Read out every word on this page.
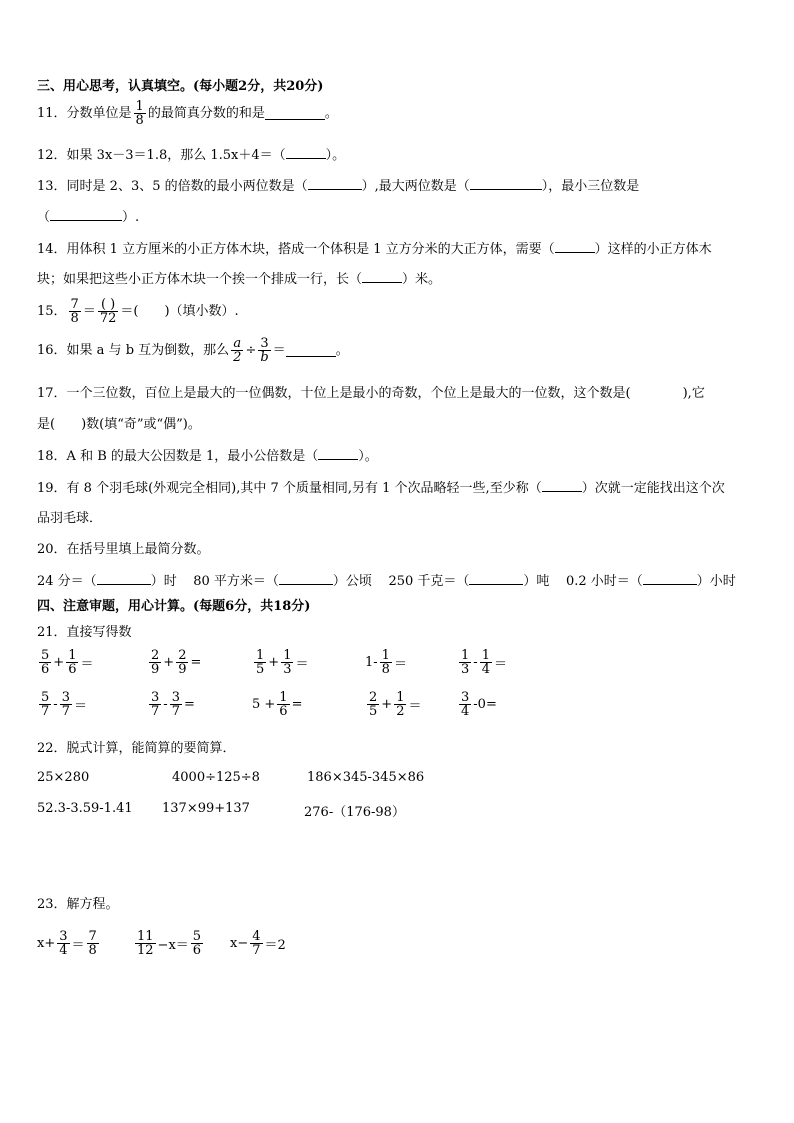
三、用心思考，认真填空。(每小题2分，共20分)
11．分数单位是 $\frac{1}{8}$ 的最简真分数的和是	。
12．如果 3x－3＝1.8，那么 1.5x＋4＝（	）。
13．同时是 2、3、5 的倍数的最小两位数是（	）,最大两位数是（	），最小三位数是
（	）.
14．用体积 1 立方厘米的小正方体木块，搭成一个体积是 1 立方分米的大正方体，需要（	）这样的小正方体木
块；如果把这些小正方体木块一个挨一个排成一行，长（	）米。
15． $\frac{7}{8} = \frac{( )}{72}$ ＝(　　)（填小数）.
16．如果 a 与 b 互为倒数，那么 $\frac{a}{2} \div \frac{3}{b}$ ＝	。
17．一个三位数，百位上是最大的一位偶数，十位上是最小的奇数，个位上是最大的一位数，这个数是(　　　　),它
是(　　)数(填“奇”或“偶”)。
18．A 和 B 的最大公因数是 1，最小公倍数是（	）。
19．有 8 个羽毛球(外观完全相同),其中 7 个质量相同,另有 1 个次品略轻一些,至少称（	）次就一定能找出这个次
品羽毛球．
20．在括号里填上最简分数。
24 分＝（	）时 80 平方米＝（	）公顷 250 千克＝（	）吨 0.2 小时＝（	）小时
四、注意审题，用心计算。(每题6分，共18分)
21．直接写得数
$\frac{5}{6} + \frac{1}{6}$ ＝	$\frac{2}{9} + \frac{2}{9}$ =	$\frac{1}{5} + \frac{1}{3}$ ＝	$1- \frac{1}{8}$ ＝	$\frac{1}{3} - \frac{1}{4}$ ＝
$\frac{5}{7} - \frac{3}{7}$ ＝	$\frac{3}{7} - \frac{3}{7}$ =	$5 + \frac{1}{6}$ =	$\frac{2}{5} + \frac{1}{2}$ ＝	$\frac{3}{4} -0=$
22．脱式计算，能简算的要简算．
25×280	4000÷125÷8	186×345-345×86
52.3-3.59-1.41 137×99+137	276-（176-98）
23．解方程。
$x+ \frac{3}{4} = \frac{7}{8}$	$\frac{11}{12} -x= \frac{5}{6} x- \frac{4}{7} =2$
